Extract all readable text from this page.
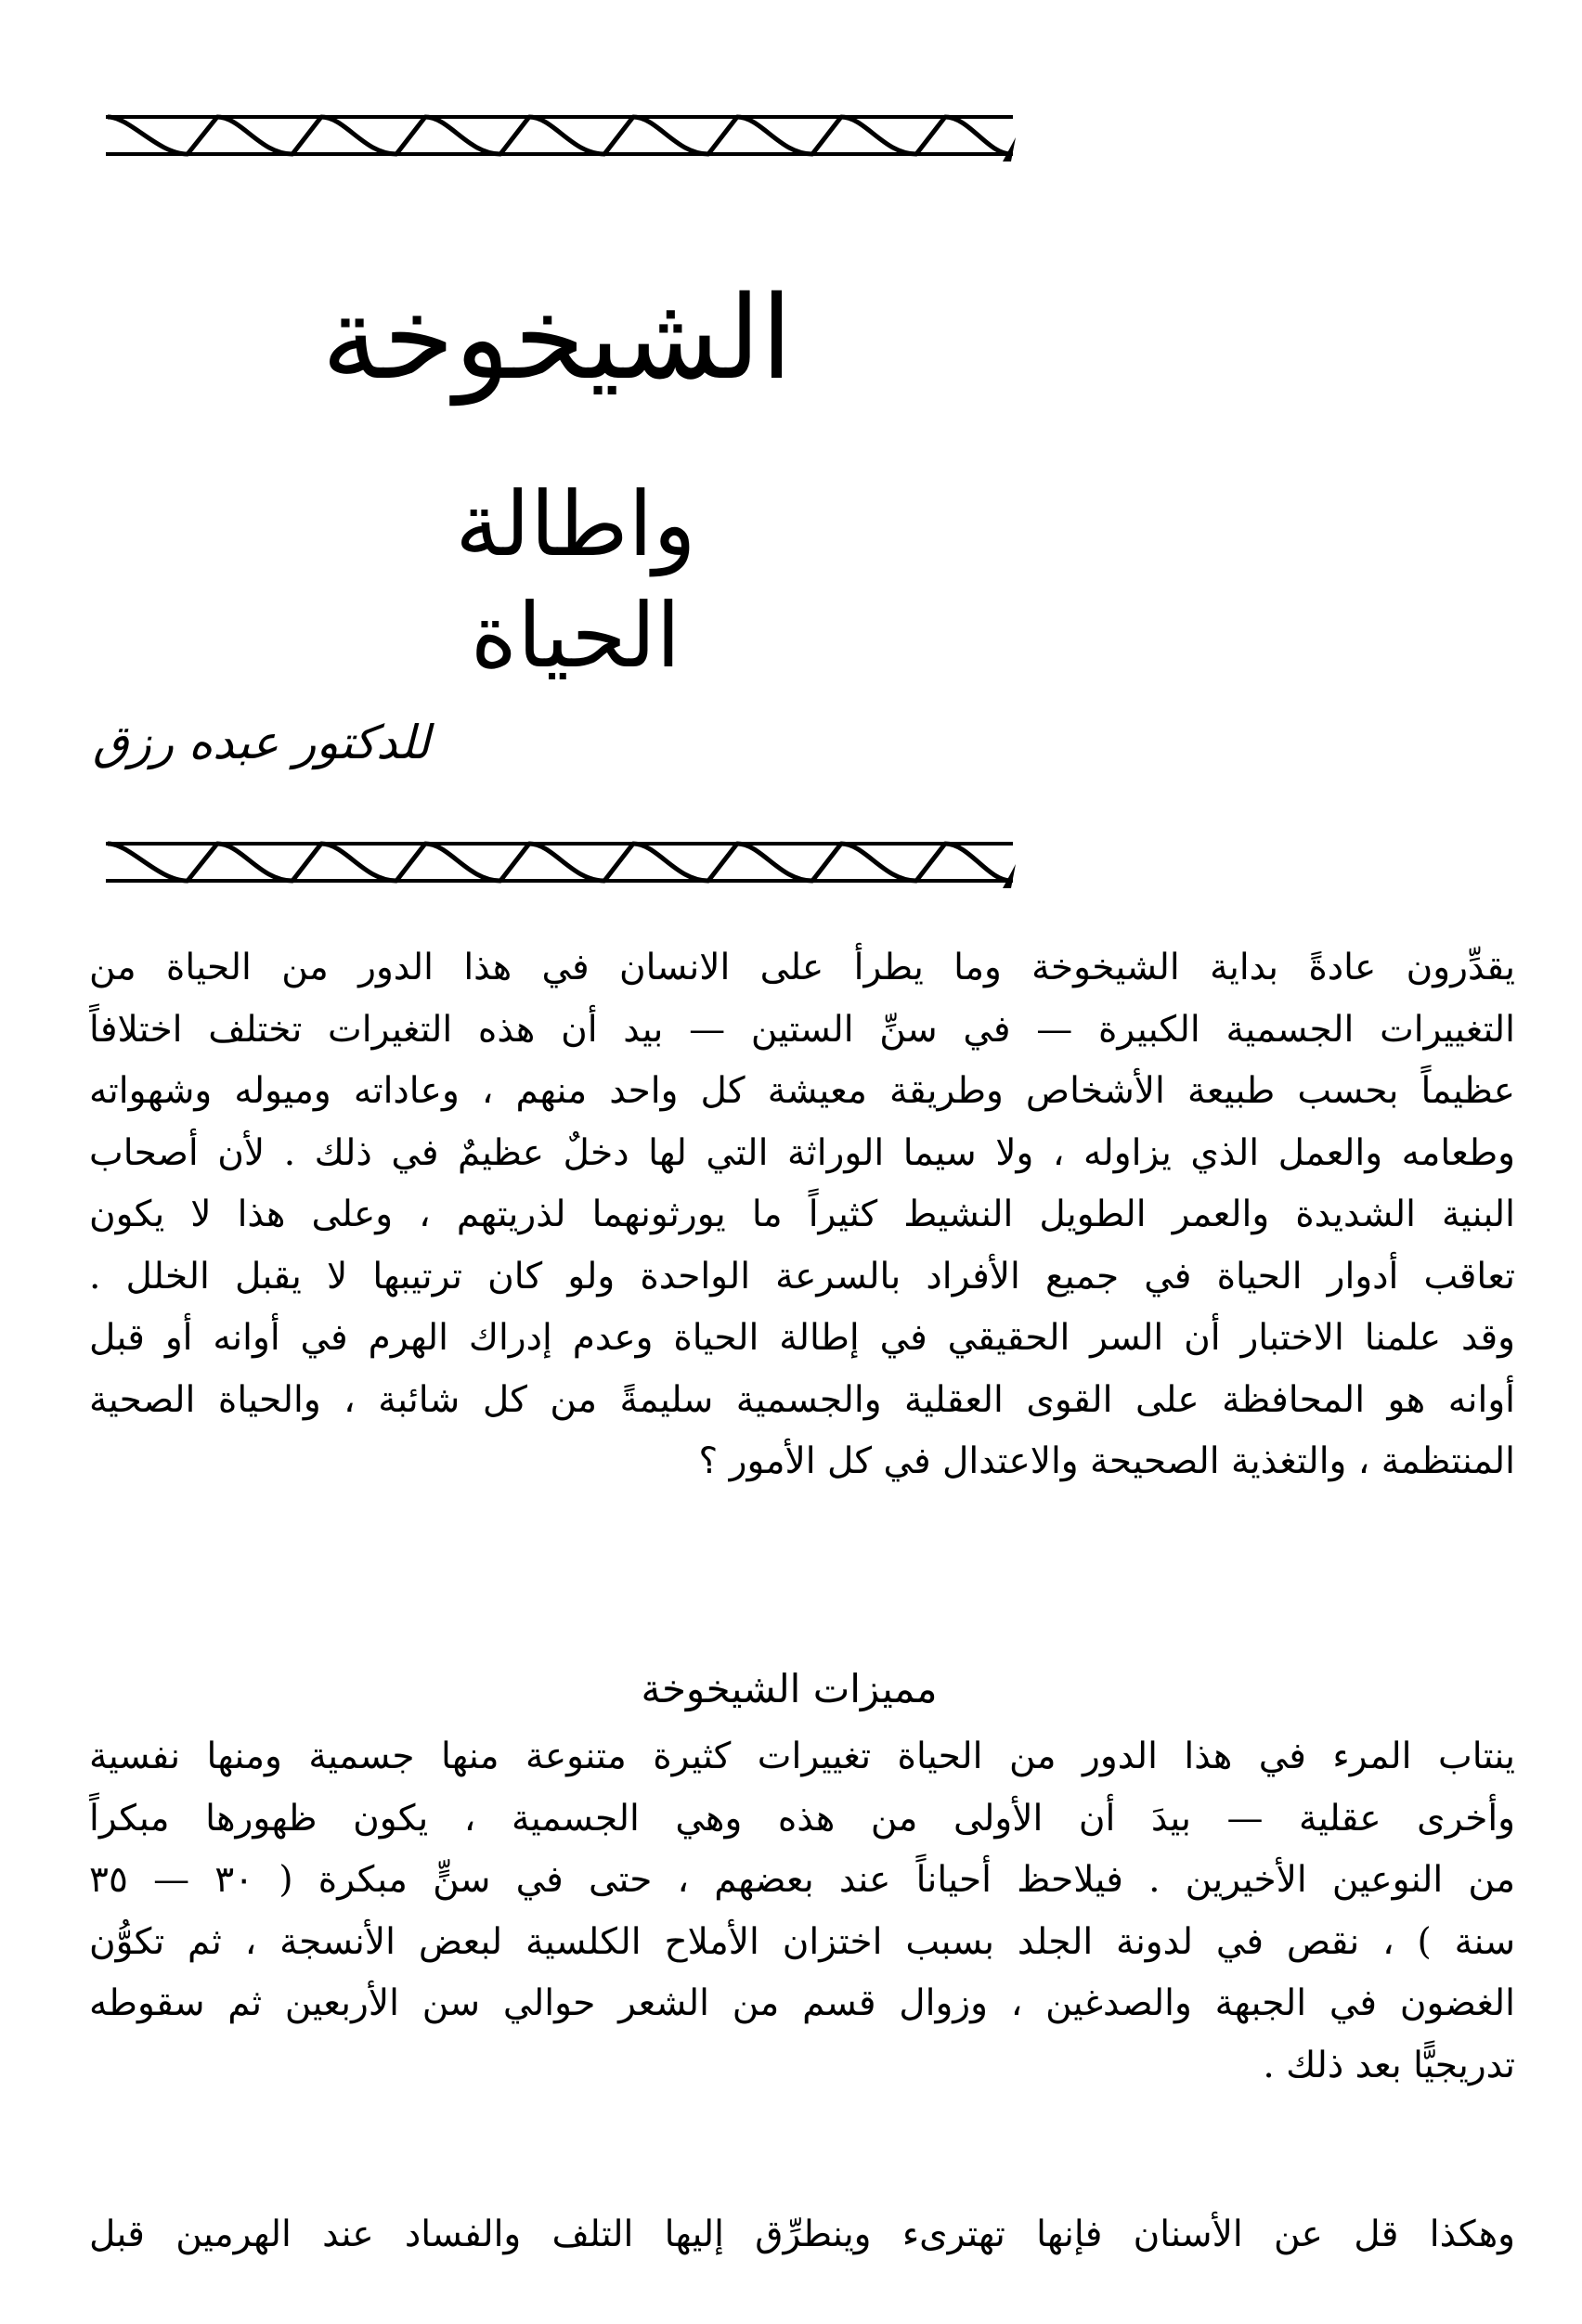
الشيخوخة
واطالة الحياة
للدكتور عبده رزق
يقدِّرون عادةً بداية الشيخوخة وما يطرأ على الانسان في هذا الدور من الحياة من
التغييرات الجسمية الكبيرة — في سنِّ الستين — بيد أن هذه التغيرات تختلف اختلافاً
عظيماً بحسب طبيعة الأشخاص وطريقة معيشة كل واحد منهم ، وعاداته وميوله وشهواته
وطعامه والعمل الذي يزاوله ، ولا سيما الوراثة التي لها دخلٌ عظيمٌ في ذلك . لأن أصحاب
البنية الشديدة والعمر الطويل النشيط كثيراً ما يورثونهما لذريتهم ، وعلى هذا لا يكون
تعاقب أدوار الحياة في جميع الأفراد بالسرعة الواحدة ولو كان ترتيبها لا يقبل الخلل .
وقد علمنا الاختبار أن السر الحقيقي في إطالة الحياة وعدم إدراك الهرم في أوانه أو قبل
أوانه هو المحافظة على القوى العقلية والجسمية سليمةً من كل شائبة ، والحياة الصحية
المنتظمة ، والتغذية الصحيحة والاعتدال في كل الأمور ؟
مميزات الشيخوخة
ينتاب المرء في هذا الدور من الحياة تغييرات كثيرة متنوعة منها جسمية ومنها نفسية
وأخرى عقلية — بيدَ أن الأولى من هذه وهي الجسمية ، يكون ظهورها مبكراً
من النوعين الأخيرين . فيلاحظ أحياناً عند بعضهم ، حتى في سنٍّ مبكرة ( ٣٠ — ٣٥
سنة ) ، نقص في لدونة الجلد بسبب اختزان الأملاح الكلسية لبعض الأنسجة ، ثم تكوُّن
الغضون في الجبهة والصدغين ، وزوال قسم من الشعر حوالي سن الأربعين ثم سقوطه
تدريجيًّا بعد ذلك .
وهكذا قل عن الأسنان فإنها تهترىء وينطرِّق إليها التلف والفساد عند الهرمين قبل
